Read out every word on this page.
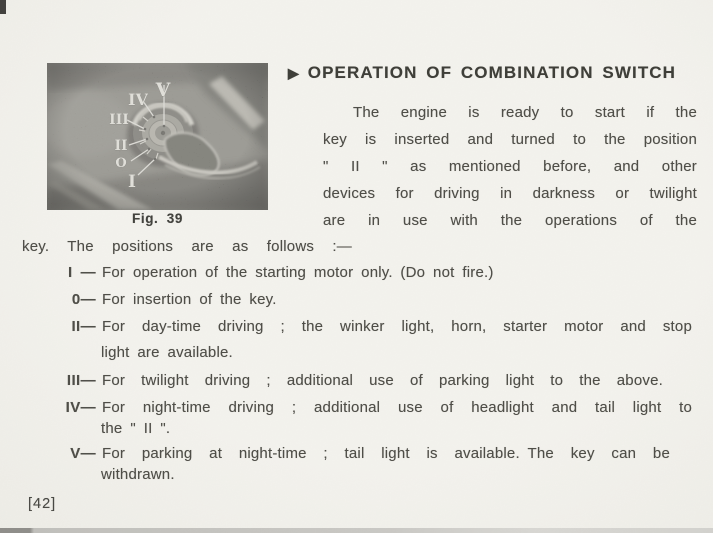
Fig. 39
▶ OPERATION OF COMBINATION SWITCH
The engine is ready to start if the
key is inserted and turned to the position
" II " as mentioned before, and other
devices for driving in darkness or twilight
are in use with the operations of the
key. The positions are as follows :—
I — For operation of the starting motor only. (Do not fire.)
0— For insertion of the key.
II— For day-time driving ; the winker light, horn, starter motor and stop
light are available.
III— For twilight driving ; additional use of parking light to the above.
IV— For night-time driving ; additional use of headlight and tail light to
the " II ".
V— For parking at night-time ; tail light is available. The key can be
withdrawn.
[42]
